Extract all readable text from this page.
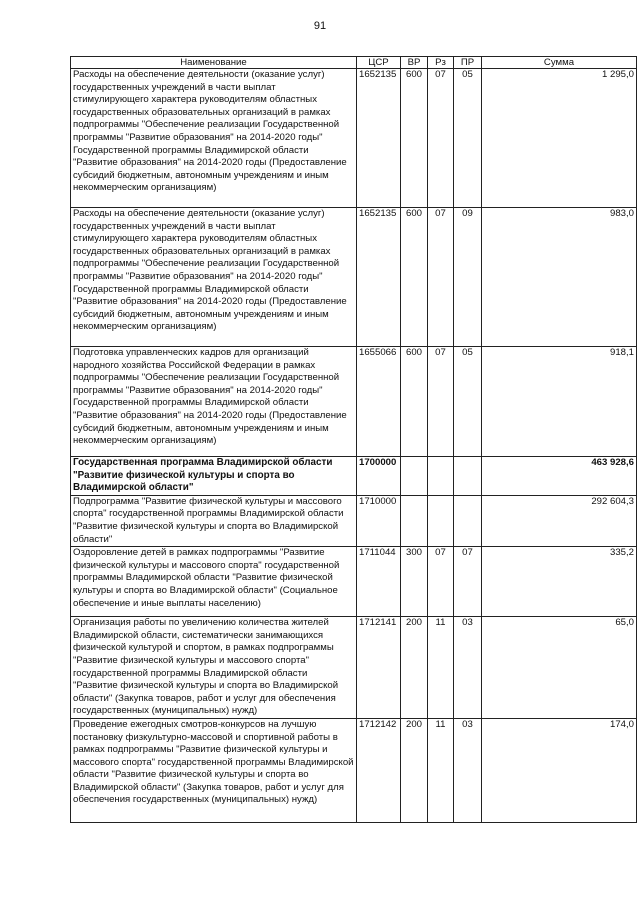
91
Наименование	ЦСР	ВР	Рз	ПР	Сумма
Расходы на обеспечение деятельности (оказание услуг) государственных учреждений в части выплат стимулирующего характера руководителям областных государственных образовательных организаций в рамках подпрограммы "Обеспечение реализации Государственной программы "Развитие образования" на 2014-2020 годы" Государственной программы Владимирской области "Развитие образования" на 2014-2020 годы (Предоставление субсидий бюджетным, автономным учреждениям и иным некоммерческим организациям)	1652135	600	07	05	1 295,0
Расходы на обеспечение деятельности (оказание услуг) государственных учреждений в части выплат стимулирующего характера руководителям областных государственных образовательных организаций в рамках подпрограммы "Обеспечение реализации Государственной программы "Развитие образования" на 2014-2020 годы" Государственной программы Владимирской области "Развитие образования" на 2014-2020 годы (Предоставление субсидий бюджетным, автономным учреждениям и иным некоммерческим организациям)	1652135	600	07	09	983,0
Подготовка управленческих кадров для организаций народного хозяйства Российской Федерации в рамках подпрограммы "Обеспечение реализации Государственной программы "Развитие образования" на 2014-2020 годы" Государственной программы Владимирской области "Развитие образования" на 2014-2020 годы (Предоставление субсидий бюджетным, автономным учреждениям и иным некоммерческим организациям)	1655066	600	07	05	918,1
Государственная программа Владимирской области "Развитие физической культуры и спорта во Владимирской области"	1700000				463 928,6
Подпрограмма "Развитие физической культуры и массового спорта" государственной программы Владимирской области "Развитие физической культуры и спорта во Владимирской области"	1710000				292 604,3
Оздоровление детей в рамках подпрограммы "Развитие физической культуры и массового спорта" государственной программы Владимирской области "Развитие физической культуры и спорта во Владимирской области" (Социальное обеспечение и иные выплаты населению)	1711044	300	07	07	335,2
Организация работы по увеличению количества жителей Владимирской области, систематически занимающихся физической культурой и спортом, в рамках подпрограммы "Развитие физической культуры и массового спорта" государственной программы Владимирской области "Развитие физической культуры и спорта во Владимирской области" (Закупка товаров, работ и услуг для обеспечения государственных (муниципальных) нужд)	1712141	200	11	03	65,0
Проведение ежегодных смотров-конкурсов на лучшую постановку физкультурно-массовой и спортивной работы в рамках подпрограммы "Развитие физической культуры и массового спорта" государственной программы Владимирской области "Развитие физической культуры и спорта во Владимирской области" (Закупка товаров, работ и услуг для обеспечения государственных (муниципальных) нужд)	1712142	200	11	03	174,0
